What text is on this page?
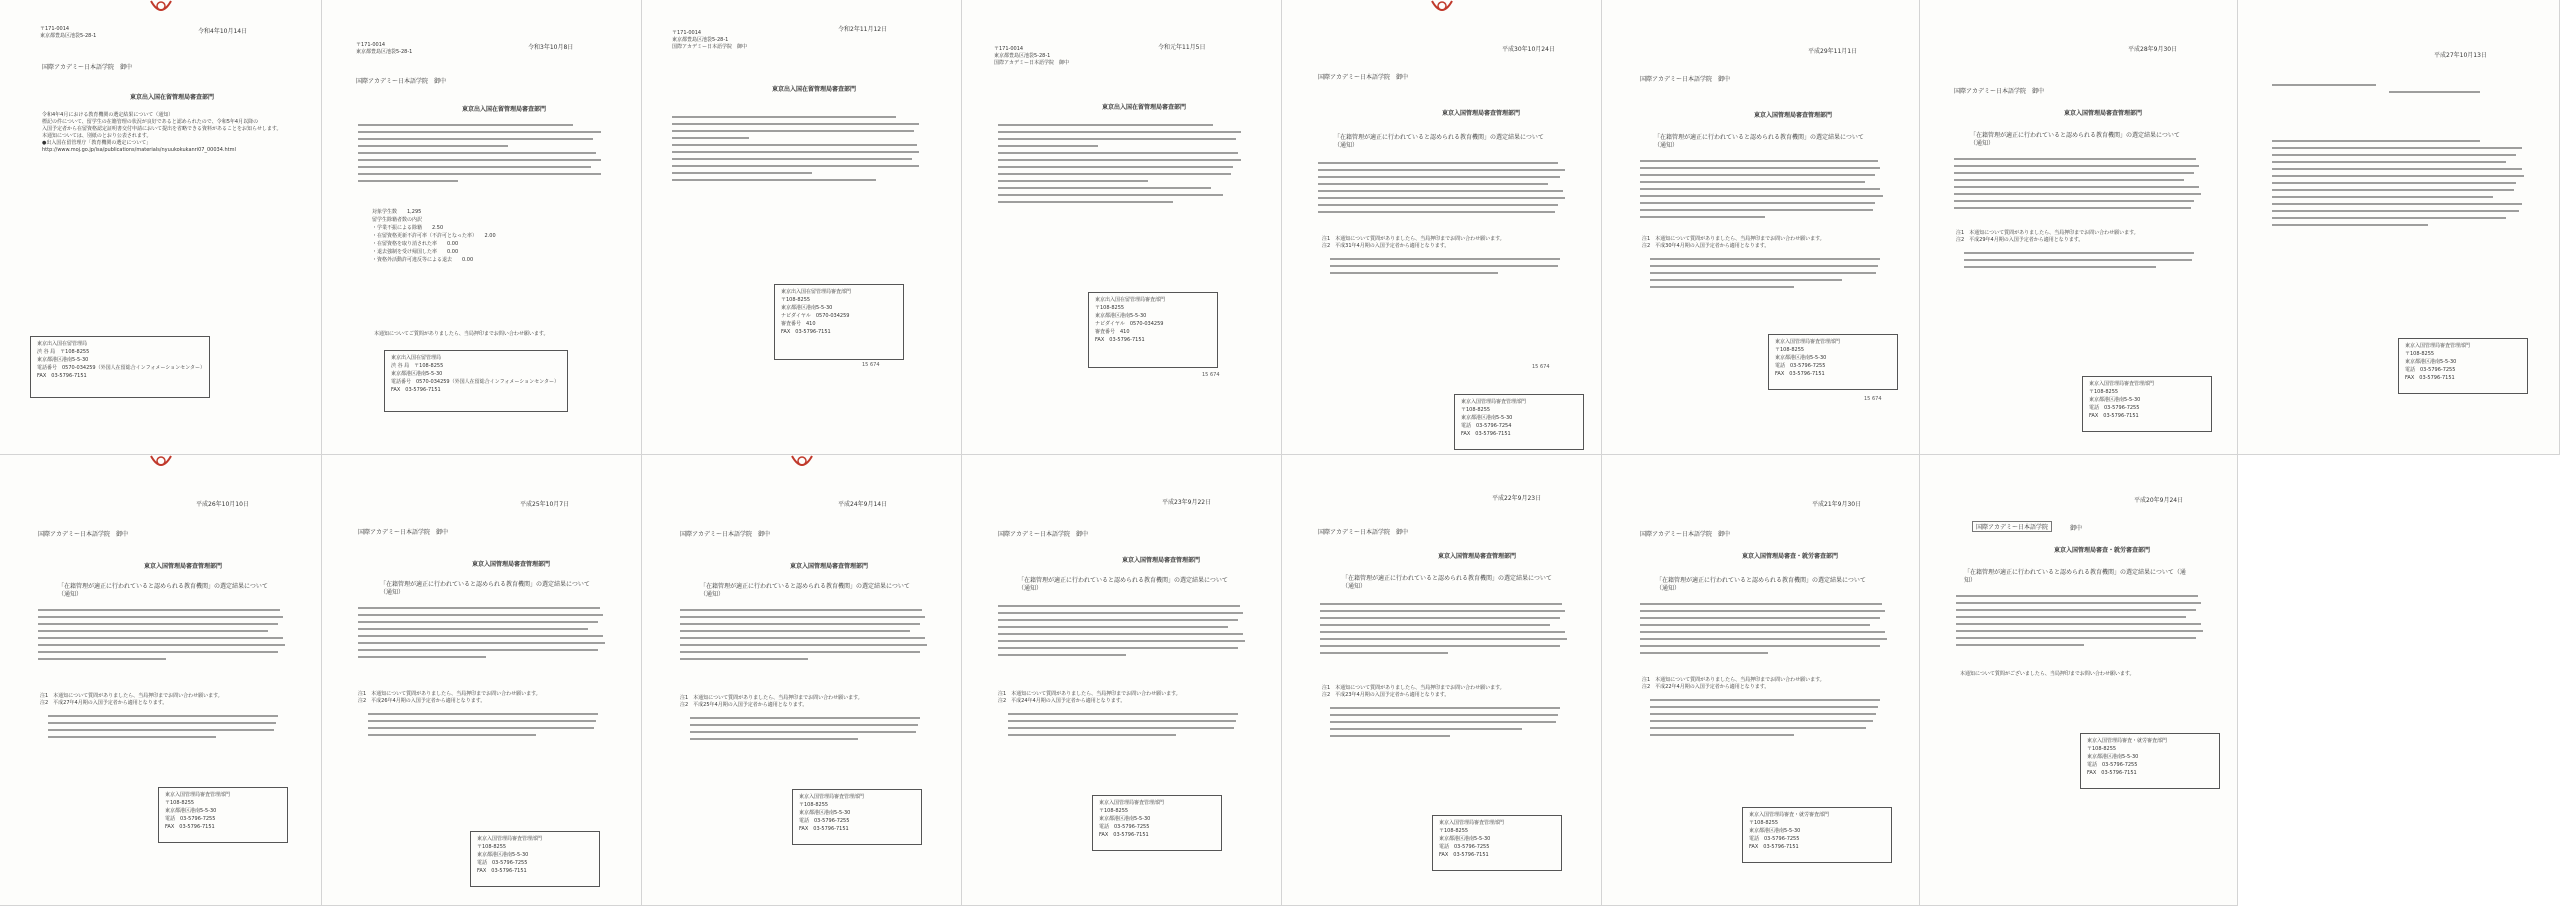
〒171-0014
東京都豊島区池袋5-28-1
令和4年10月14日
国際アカデミー日本語学院　御中
東京出入国在留管理局審査部門
令和4年4月における教育機関の選定結果について（通知）
標記の件について、留学生の在籍管理の状況が良好であると認められたので、令和5年4月以降の
入国予定者から在留資格認定証明書交付申請において提出を省略できる資料があることをお知らせします。
本通知については、別紙のとおり公表されます。
●出入国在留管理庁「教育機関の選定について」
http://www.moj.go.jp/isa/publications/materials/nyuukokukanri07_00034.html
東京出入国在留管理局
渋 谷 局　〒108-8255
東京都港区港南5-5-30
電話番号　0570-034259（外国人在留総合インフォメーションセンター）
FAX　03-5796-7151
〒171-0014
東京都豊島区池袋5-28-1
令和3年10月8日
国際アカデミー日本語学院　御中
東京出入国在留管理局審査部門
対象学生数　　1,295
留学生除籍者数の内訳
・学業不振による除籍　　2.50
・在留資格更新不許可率（不許可となった率）　　2.00
・在留資格を取り消された率　　0.00
・退去強制を受け帰国した率　　0.00
・資格外活動許可違反等による退去　　0.00
本通知についてご質問がありましたら、当局押印までお問い合わせ願います。
東京出入国在留管理局
渋 谷 局　〒108-8255
東京都港区港南5-5-30
電話番号　0570-034259（外国人在留総合インフォメーションセンター）
FAX　03-5796-7151
〒171-0014
東京都豊島区池袋5-28-1
国際アカデミー日本語学院　御中
令和2年11月12日
東京出入国在留管理局審査部門
東京出入国在留管理局審査部門
〒108-8255
東京都港区港南5-5-30
ナビダイヤル　0570-034259
審査番号　410
FAX　03-5796-7151
15 674
令和元年11月5日
〒171-0014
東京都豊島区池袋5-28-1
国際アカデミー日本語学院　御中
東京出入国在留管理局審査部門
東京出入国在留管理局審査部門
〒108-8255
東京都港区港南5-5-30
ナビダイヤル　0570-034259
審査番号　410
FAX　03-5796-7151
15 674
平成30年10月24日
国際アカデミー日本語学院　御中
東京入国管理局審査管理部門
「在籍管理が適正に行われていると認められる教育機関」の選定結果について（通知）
注1　本通知について質問がありましたら、当局押印までお問い合わせ願います。
注2　平成31年4月期の入国予定者から適用となります。
東京入国管理局審査管理部門
〒108-8255
東京都港区港南5-5-30
電話　03-5796-7254
FAX　03-5796-7151
15 674
平成29年11月1日
国際アカデミー日本語学院　御中
東京入国管理局審査管理部門
「在籍管理が適正に行われていると認められる教育機関」の選定結果について（通知）
注1　本通知について質問がありましたら、当局押印までお問い合わせ願います。
注2　平成30年4月期の入国予定者から適用となります。
東京入国管理局審査管理部門
〒108-8255
東京都港区港南5-5-30
電話　03-5796-7255
FAX　03-5796-7151
15 674
平成28年9月30日
国際アカデミー日本語学院　御中
東京入国管理局審査管理部門
「在籍管理が適正に行われていると認められる教育機関」の選定結果について（通知）
注1　本通知について質問がありましたら、当局押印までお問い合わせ願います。
注2　平成29年4月期の入国予定者から適用となります。
東京入国管理局審査管理部門
〒108-8255
東京都港区港南5-5-30
電話　03-5796-7255
FAX　03-5796-7151
平成27年10月13日
東京入国管理局審査管理部門
〒108-8255
東京都港区港南5-5-30
電話　03-5796-7255
FAX　03-5796-7151
平成26年10月10日
国際アカデミー日本語学院　御中
東京入国管理局審査管理部門
「在籍管理が適正に行われていると認められる教育機関」の選定結果について（通知）
注1　本通知について質問がありましたら、当局押印までお問い合わせ願います。
注2　平成27年4月期の入国予定者から適用となります。
東京入国管理局審査管理部門
〒108-8255
東京都港区港南5-5-30
電話　03-5796-7255
FAX　03-5796-7151
平成25年10月7日
国際アカデミー日本語学院　御中
東京入国管理局審査管理部門
「在籍管理が適正に行われていると認められる教育機関」の選定結果について（通知）
注1　本通知について質問がありましたら、当局押印までお問い合わせ願います。
注2　平成26年4月期の入国予定者から適用となります。
東京入国管理局審査管理部門
〒108-8255
東京都港区港南5-5-30
電話　03-5796-7255
FAX　03-5796-7151
平成24年9月14日
国際アカデミー日本語学院　御中
東京入国管理局審査管理部門
「在籍管理が適正に行われていると認められる教育機関」の選定結果について（通知）
注1　本通知について質問がありましたら、当局押印までお問い合わせ願います。
注2　平成25年4月期の入国予定者から適用となります。
東京入国管理局審査管理部門
〒108-8255
東京都港区港南5-5-30
電話　03-5796-7255
FAX　03-5796-7151
平成23年9月22日
国際アカデミー日本語学院　御中
東京入国管理局審査管理部門
「在籍管理が適正に行われていると認められる教育機関」の選定結果について（通知）
注1　本通知について質問がありましたら、当局押印までお問い合わせ願います。
注2　平成24年4月期の入国予定者から適用となります。
東京入国管理局審査管理部門
〒108-8255
東京都港区港南5-5-30
電話　03-5796-7255
FAX　03-5796-7151
平成22年9月23日
国際アカデミー日本語学院　御中
東京入国管理局審査管理部門
「在籍管理が適正に行われていると認められる教育機関」の選定結果について（通知）
注1　本通知について質問がありましたら、当局押印までお問い合わせ願います。
注2　平成23年4月期の入国予定者から適用となります。
東京入国管理局審査管理部門
〒108-8255
東京都港区港南5-5-30
電話　03-5796-7255
FAX　03-5796-7151
平成21年9月30日
国際アカデミー日本語学院　御中
東京入国管理局審査・就労審査部門
「在籍管理が適正に行われていると認められる教育機関」の選定結果について（通知）
注1　本通知について質問がありましたら、当局押印までお問い合わせ願います。
注2　平成22年4月期の入国予定者から適用となります。
東京入国管理局審査・就労審査部門
〒108-8255
東京都港区港南5-5-30
電話　03-5796-7255
FAX　03-5796-7151
平成20年9月24日
国際アカデミー日本語学院	御中
東京入国管理局審査・就労審査部門
「在籍管理が適正に行われていると認められる教育機関」の選定結果について（通知）
本通知について質問がございましたら、当局押印までお問い合わせ願います。
東京入国管理局審査・就労審査部門
〒108-8255
東京都港区港南5-5-30
電話　03-5796-7255
FAX　03-5796-7151
